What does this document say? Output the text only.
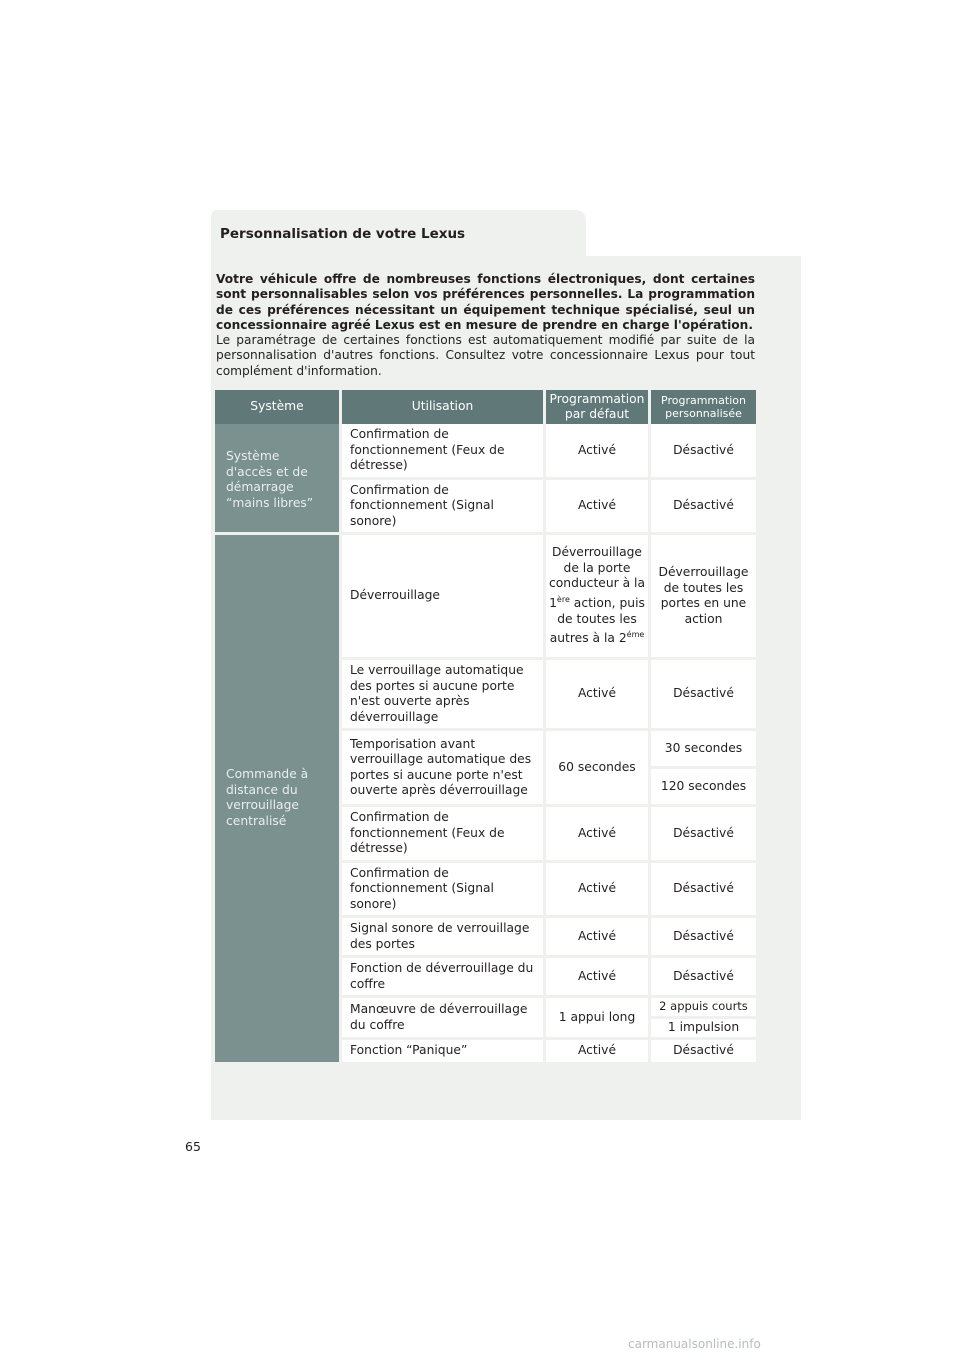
Personnalisation de votre Lexus

Votre véhicule offre de nombreuses fonctions électroniques, dont certaines sont personnalisables selon vos préférences personnelles. La programmation de ces préférences nécessitant un équipement technique spécialisé, seul un concessionnaire agréé Lexus est en mesure de prendre en charge l'opération.

Le paramétrage de certaines fonctions est automatiquement modifié par suite de la personnalisation d'autres fonctions. Consultez votre concessionnaire Lexus pour tout complément d'information.

Système	Utilisation	Programmation par défaut	Programmation personnalisée

Système d'accès et de démarrage “mains libres”	Confirmation de fonctionnement (Feux de détresse)	Activé	Désactivé
	Confirmation de fonctionnement (Signal sonore)	Activé	Désactivé
Commande à distance du verrouillage centralisé	Déverrouillage	Déverrouillage de la porte conducteur à la 1ère action, puis de toutes les autres à la $2^{éme}$	Déverrouillage de toutes les portes en une action
	Le verrouillage automatique des portes si aucune porte n'est ouverte après déverrouillage	Activé	Désactivé
	Temporisation avant verrouillage automatique des portes si aucune porte n'est ouverte après déverrouillage	60 secondes	30 secondes
120 secondes

	Confirmation de fonctionnement (Feux de détresse)	Activé	Désactivé
	Confirmation de fonctionnement (Signal sonore)	Activé	Désactivé
	Signal sonore de verrouillage des portes	Activé	Désactivé
	Fonction de déverrouillage du coffre	Activé	Désactivé
	Manœuvre de déverrouillage du coffre	1 appui long	2 appuis courts
1 impulsion

	Fonction “Panique”	Activé	Désactivé
65
carmanualsonline.info
